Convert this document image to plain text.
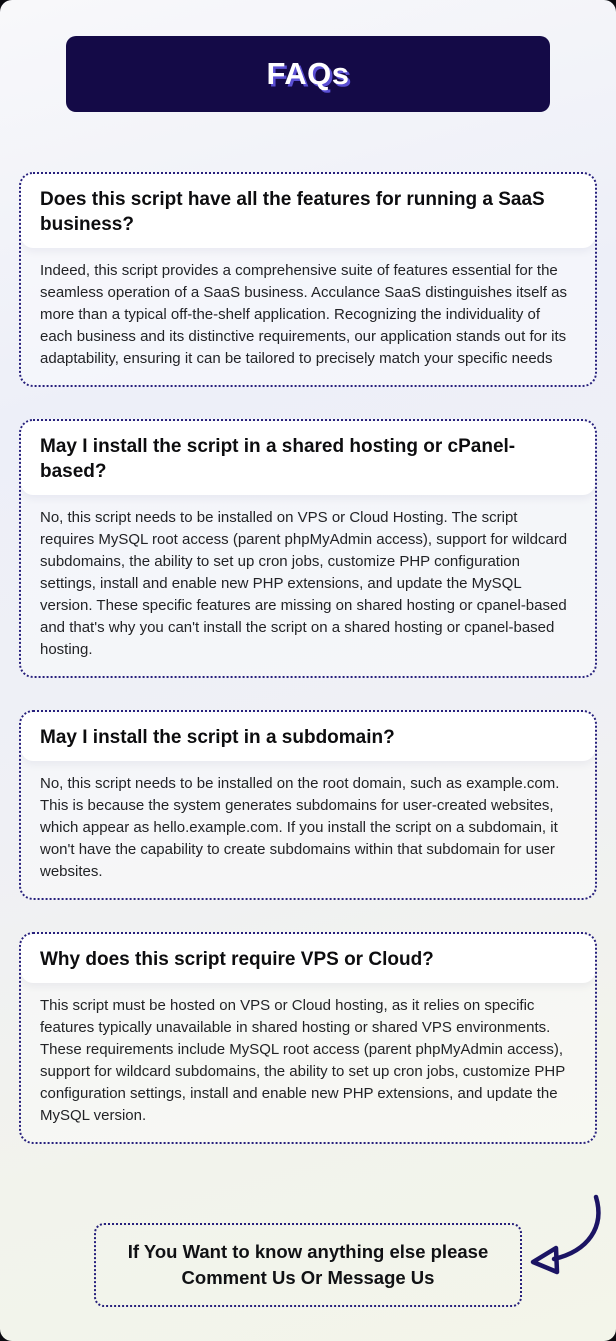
FAQs
Does this script have all the features for running a SaaS business?
Indeed, this script provides a comprehensive suite of features essential for the seamless operation of a SaaS business. Acculance SaaS distinguishes itself as more than a typical off-the-shelf application. Recognizing the individuality of each business and its distinctive requirements, our application stands out for its adaptability, ensuring it can be tailored to precisely match your specific needs
May I install the script in a shared hosting or cPanel-based?
No, this script needs to be installed on VPS or Cloud Hosting. The script requires MySQL root access (parent phpMyAdmin access), support for wildcard subdomains, the ability to set up cron jobs, customize PHP configuration settings, install and enable new PHP extensions, and update the MySQL version. These specific features are missing on shared hosting or cpanel-based and that's why you can't install the script on a shared hosting or cpanel-based hosting.
May I install the script in a subdomain?
No, this script needs to be installed on the root domain, such as example.com. This is because the system generates subdomains for user-created websites, which appear as hello.example.com. If you install the script on a subdomain, it won't have the capability to create subdomains within that subdomain for user websites.
Why does this script require VPS or Cloud?
This script must be hosted on VPS or Cloud hosting, as it relies on specific features typically unavailable in shared hosting or shared VPS environments. These requirements include MySQL root access (parent phpMyAdmin access), support for wildcard subdomains, the ability to set up cron jobs, customize PHP configuration settings, install and enable new PHP extensions, and update the MySQL version.
If You Want to know anything else please Comment Us Or Message Us
